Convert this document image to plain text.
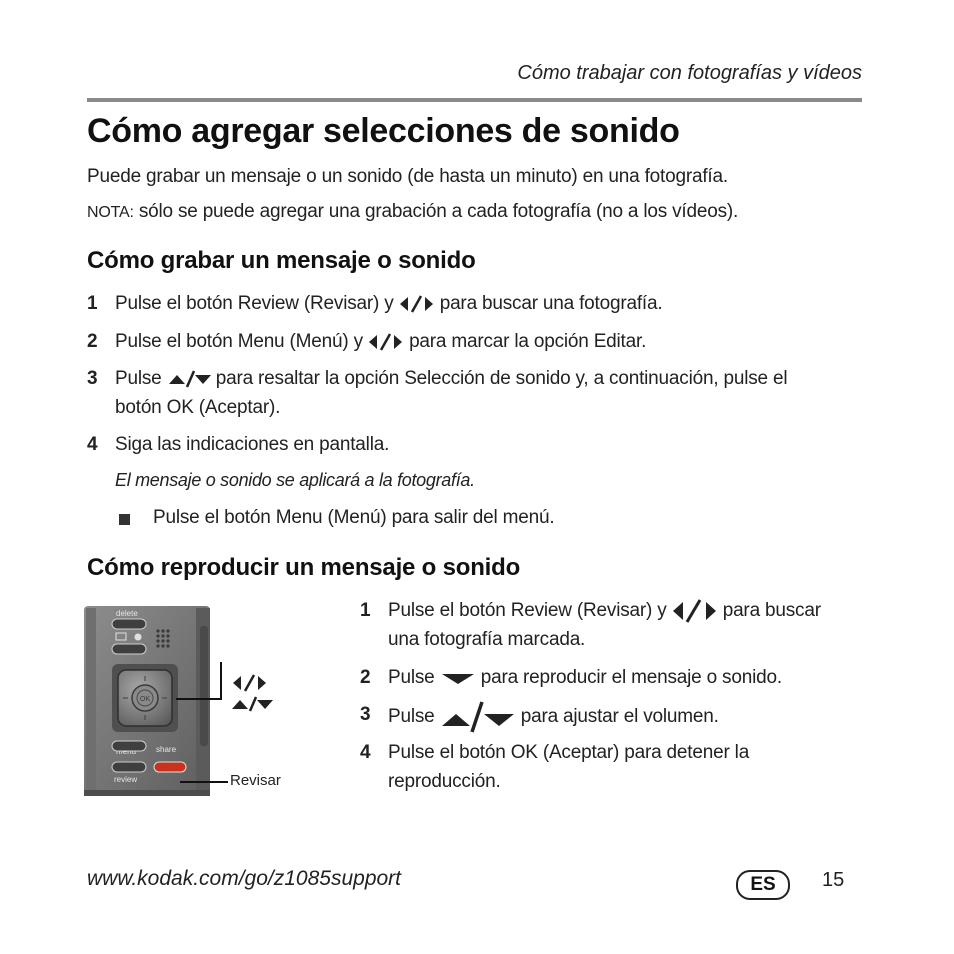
Cómo trabajar con fotografías y vídeos
Cómo agregar selecciones de sonido
Puede grabar un mensaje o un sonido (de hasta un minuto) en una fotografía.
NOTA: sólo se puede agregar una grabación a cada fotografía (no a los vídeos).
Cómo grabar un mensaje o sonido
1 Pulse el botón Review (Revisar) y para buscar una fotografía.
2 Pulse el botón Menu (Menú) y para marcar la opción Editar.
3 Pulse	para resaltar la opción Selección de sonido y, a continuación, pulse el
botón OK (Aceptar).
4 Siga las indicaciones en pantalla.
El mensaje o sonido se aplicará a la fotografía.
Pulse el botón Menu (Menú) para salir del menú.
Cómo reproducir un mensaje o sonido
delete
OK
share
review	Revisar
1 Pulse el botón Review (Revisar) y	para buscar
una fotografía marcada.
2 Pulse para reproducir el mensaje o sonido.
3 Pulse	para ajustar el volumen.
4 Pulse el botón OK (Aceptar) para detener la
reproducción.
www.kodak.com/go/z1085support	ES	15
